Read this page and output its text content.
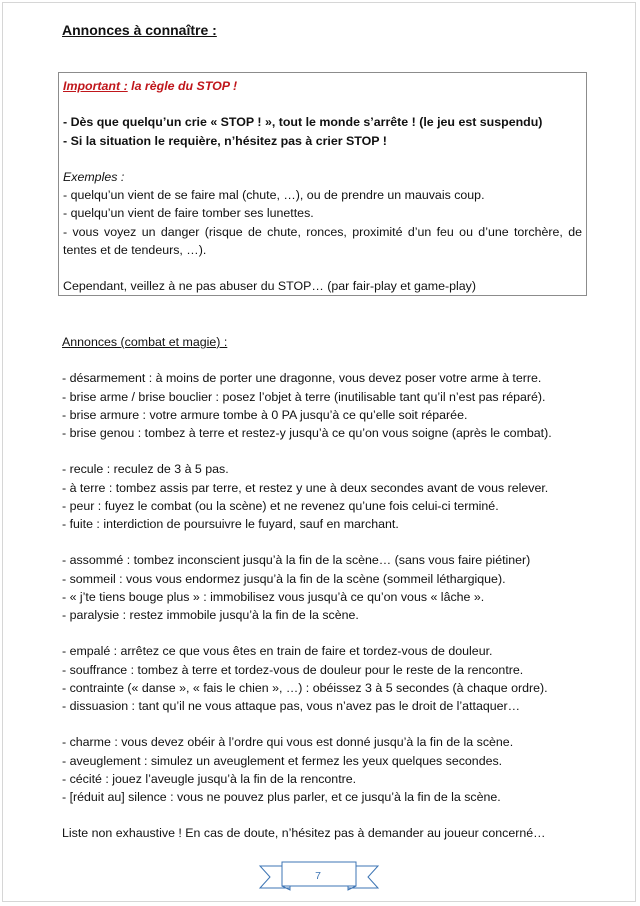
Annonces à connaître :

Important : la règle du STOP !

- Dès que quelqu’un crie « STOP ! », tout le monde s’arrête ! (le jeu est suspendu)

- Si la situation le requière, n’hésitez pas à crier STOP !

Exemples :

- quelqu’un vient de se faire mal (chute, …), ou de prendre un mauvais coup.

- quelqu’un vient de faire tomber ses lunettes.

- vous voyez un danger (risque de chute, ronces, proximité d’un feu ou d’une torchère, de tentes et de tendeurs, …).

Cependant, veillez à ne pas abuser du STOP… (par fair-play et game-play)

Annonces (combat et magie) :

- désarmement : à moins de porter une dragonne, vous devez poser votre arme à terre.

- brise arme / brise bouclier : posez l’objet à terre (inutilisable tant qu’il n’est pas réparé).

- brise armure : votre armure tombe à 0 PA jusqu’à ce qu’elle soit réparée.

- brise genou : tombez à terre et restez-y jusqu’à ce qu’on vous soigne (après le combat).

- recule : reculez de 3 à 5 pas.

- à terre : tombez assis par terre, et restez y une à deux secondes avant de vous relever.

- peur : fuyez le combat (ou la scène) et ne revenez qu’une fois celui-ci terminé.

- fuite : interdiction de poursuivre le fuyard, sauf en marchant.

- assommé : tombez inconscient jusqu’à la fin de la scène… (sans vous faire piétiner)

- sommeil : vous vous endormez jusqu’à la fin de la scène (sommeil léthargique).

- « j’te tiens bouge plus » : immobilisez vous jusqu’à ce qu’on vous « lâche ».

- paralysie : restez immobile jusqu’à la fin de la scène.

- empalé : arrêtez ce que vous êtes en train de faire et tordez-vous de douleur.

- souffrance : tombez à terre et tordez-vous de douleur pour le reste de la rencontre.

- contrainte (« danse », « fais le chien », …) : obéissez 3 à 5 secondes (à chaque ordre).

- dissuasion : tant qu’il ne vous attaque pas, vous n’avez pas le droit de l’attaquer…

- charme : vous devez obéir à l’ordre qui vous est donné jusqu’à la fin de la scène.

- aveuglement : simulez un aveuglement et fermez les yeux quelques secondes.

- cécité : jouez l’aveugle jusqu’à la fin de la rencontre.

- [réduit au] silence : vous ne pouvez plus parler, et ce jusqu’à la fin de la scène.

Liste non exhaustive ! En cas de doute, n’hésitez pas à demander au joueur concerné…

7
